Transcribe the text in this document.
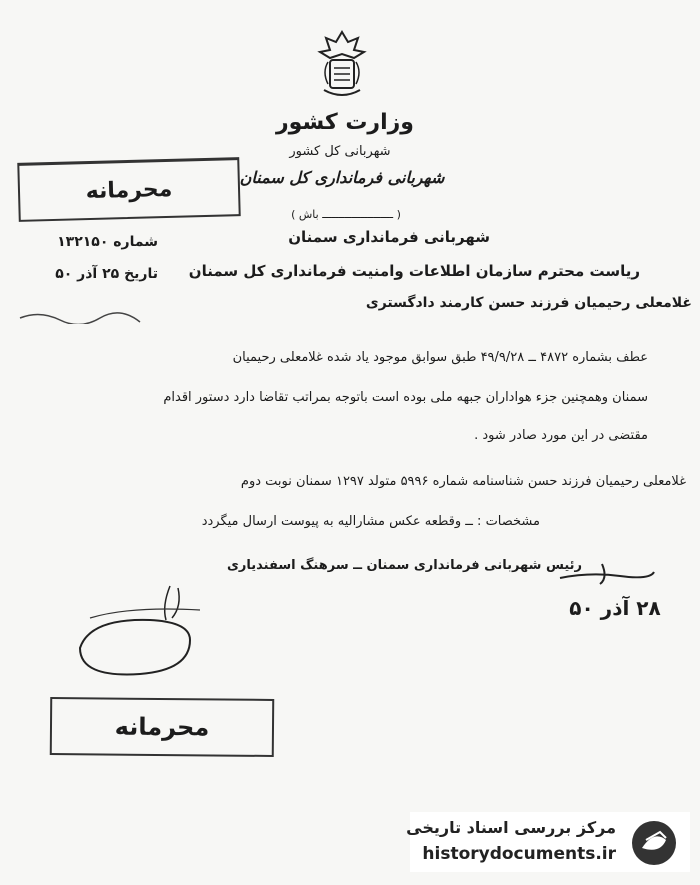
وزارت کشور
شهربانی کل کشور
شهربانی فرمانداری کل سمنان
( ــــــــــــــــــــــ باش )
محرمانه
شماره ۱۳۲۱۵۰
تاریخ ۲۵ آذر ۵۰
شهربانی فرمانداری سمنان
ریاست محترم سازمان اطلاعات وامنیت فرمانداری کل سمنان
غلامعلی رحیمیان فرزند حسن کارمند دادگستری
عطف بشماره ۴۸۷۲ ــ ۴۹/۹/۲۸ طبق سوابق موجود یاد شده غلامعلی رحیمیان
سمنان وهمچنین جزء هواداران جبهه ملی بوده است باتوجه بمراتب تقاضا دارد دستور اقدام
مقتضی در این مورد صادر شود .
غلامعلی رحیمیان فرزند حسن شناسنامه شماره ۵۹۹۶ متولد ۱۲۹۷ سمنان نوبت دوم
مشخصات : ــ وقطعه عکس مشارالیه به پیوست ارسال میگردد
رئیس شهربانی فرمانداری سمنان ــ سرهنگ اسفندیاری
۲۸ آذر ۵۰
محرمانه
مرکز بررسی اسناد تاریخی
historydocuments.ir
